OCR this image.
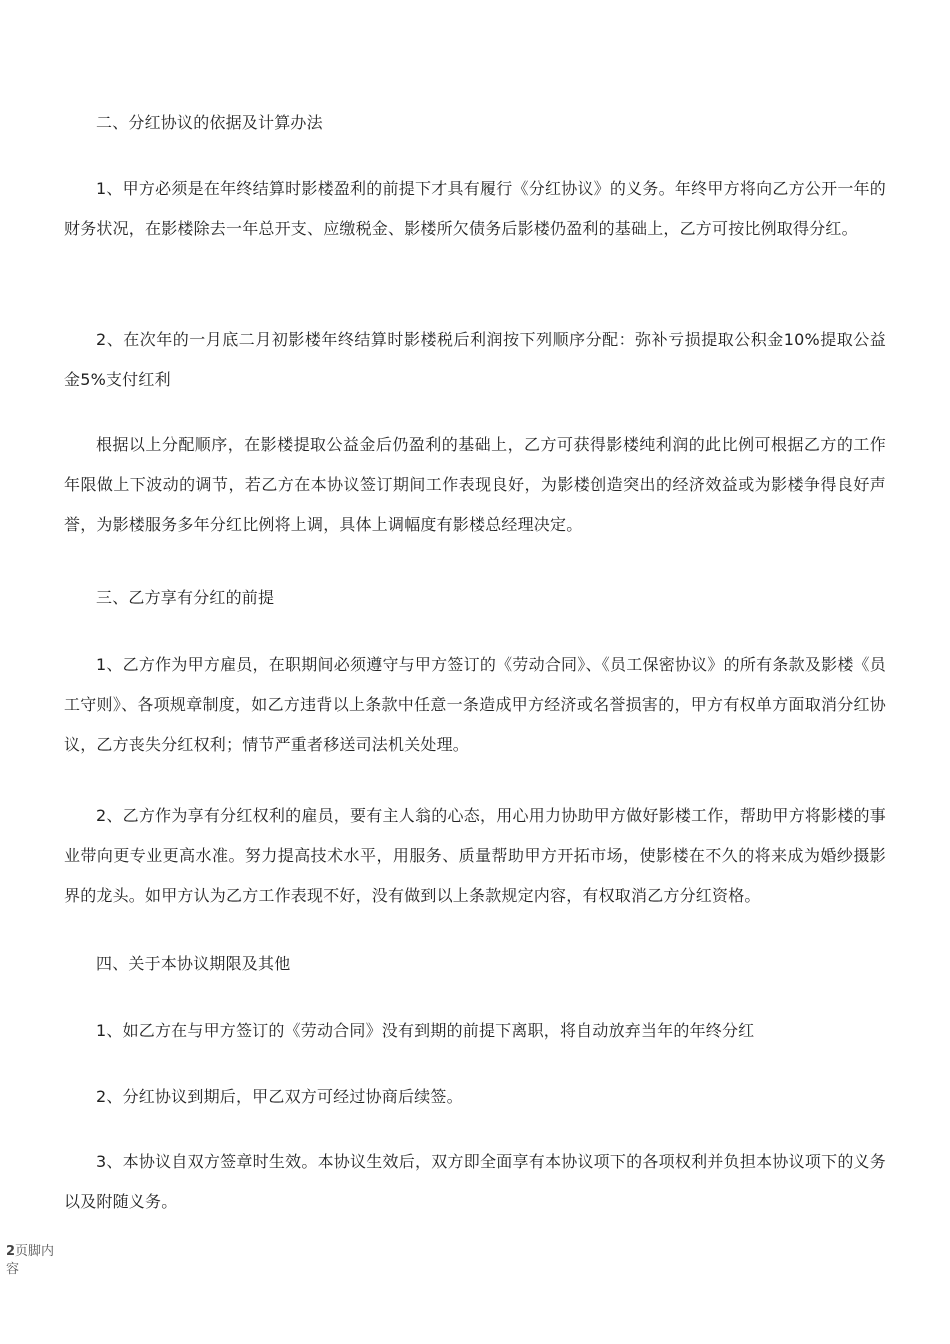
二、分红协议的依据及计算办法

1、甲方必须是在年终结算时影楼盈利的前提下才具有履行《分红协议》的义务。年终甲方将向乙方公开一年的财务状况，在影楼除去一年总开支、应缴税金、影楼所欠债务后影楼仍盈利的基础上，乙方可按比例取得分红。

2、在次年的一月底二月初影楼年终结算时影楼税后利润按下列顺序分配：弥补亏损提取公积金10%提取公益金5%支付红利

根据以上分配顺序，在影楼提取公益金后仍盈利的基础上，乙方可获得影楼纯利润的此比例可根据乙方的工作年限做上下波动的调节，若乙方在本协议签订期间工作表现良好，为影楼创造突出的经济效益或为影楼争得良好声誉，为影楼服务多年分红比例将上调，具体上调幅度有影楼总经理决定。

三、乙方享有分红的前提

1、乙方作为甲方雇员，在职期间必须遵守与甲方签订的《劳动合同》、《员工保密协议》的所有条款及影楼《员工守则》、各项规章制度，如乙方违背以上条款中任意一条造成甲方经济或名誉损害的，甲方有权单方面取消分红协议，乙方丧失分红权利；情节严重者移送司法机关处理。

2、乙方作为享有分红权利的雇员，要有主人翁的心态，用心用力协助甲方做好影楼工作，帮助甲方将影楼的事业带向更专业更高水准。努力提高技术水平，用服务、质量帮助甲方开拓市场，使影楼在不久的将来成为婚纱摄影界的龙头。如甲方认为乙方工作表现不好，没有做到以上条款规定内容，有权取消乙方分红资格。

四、关于本协议期限及其他

1、如乙方在与甲方签订的《劳动合同》没有到期的前提下离职，将自动放弃当年的年终分红

2、分红协议到期后，甲乙双方可经过协商后续签。

3、本协议自双方签章时生效。本协议生效后，双方即全面享有本协议项下的各项权利并负担本协议项下的义务以及附随义务。

2页脚内容
